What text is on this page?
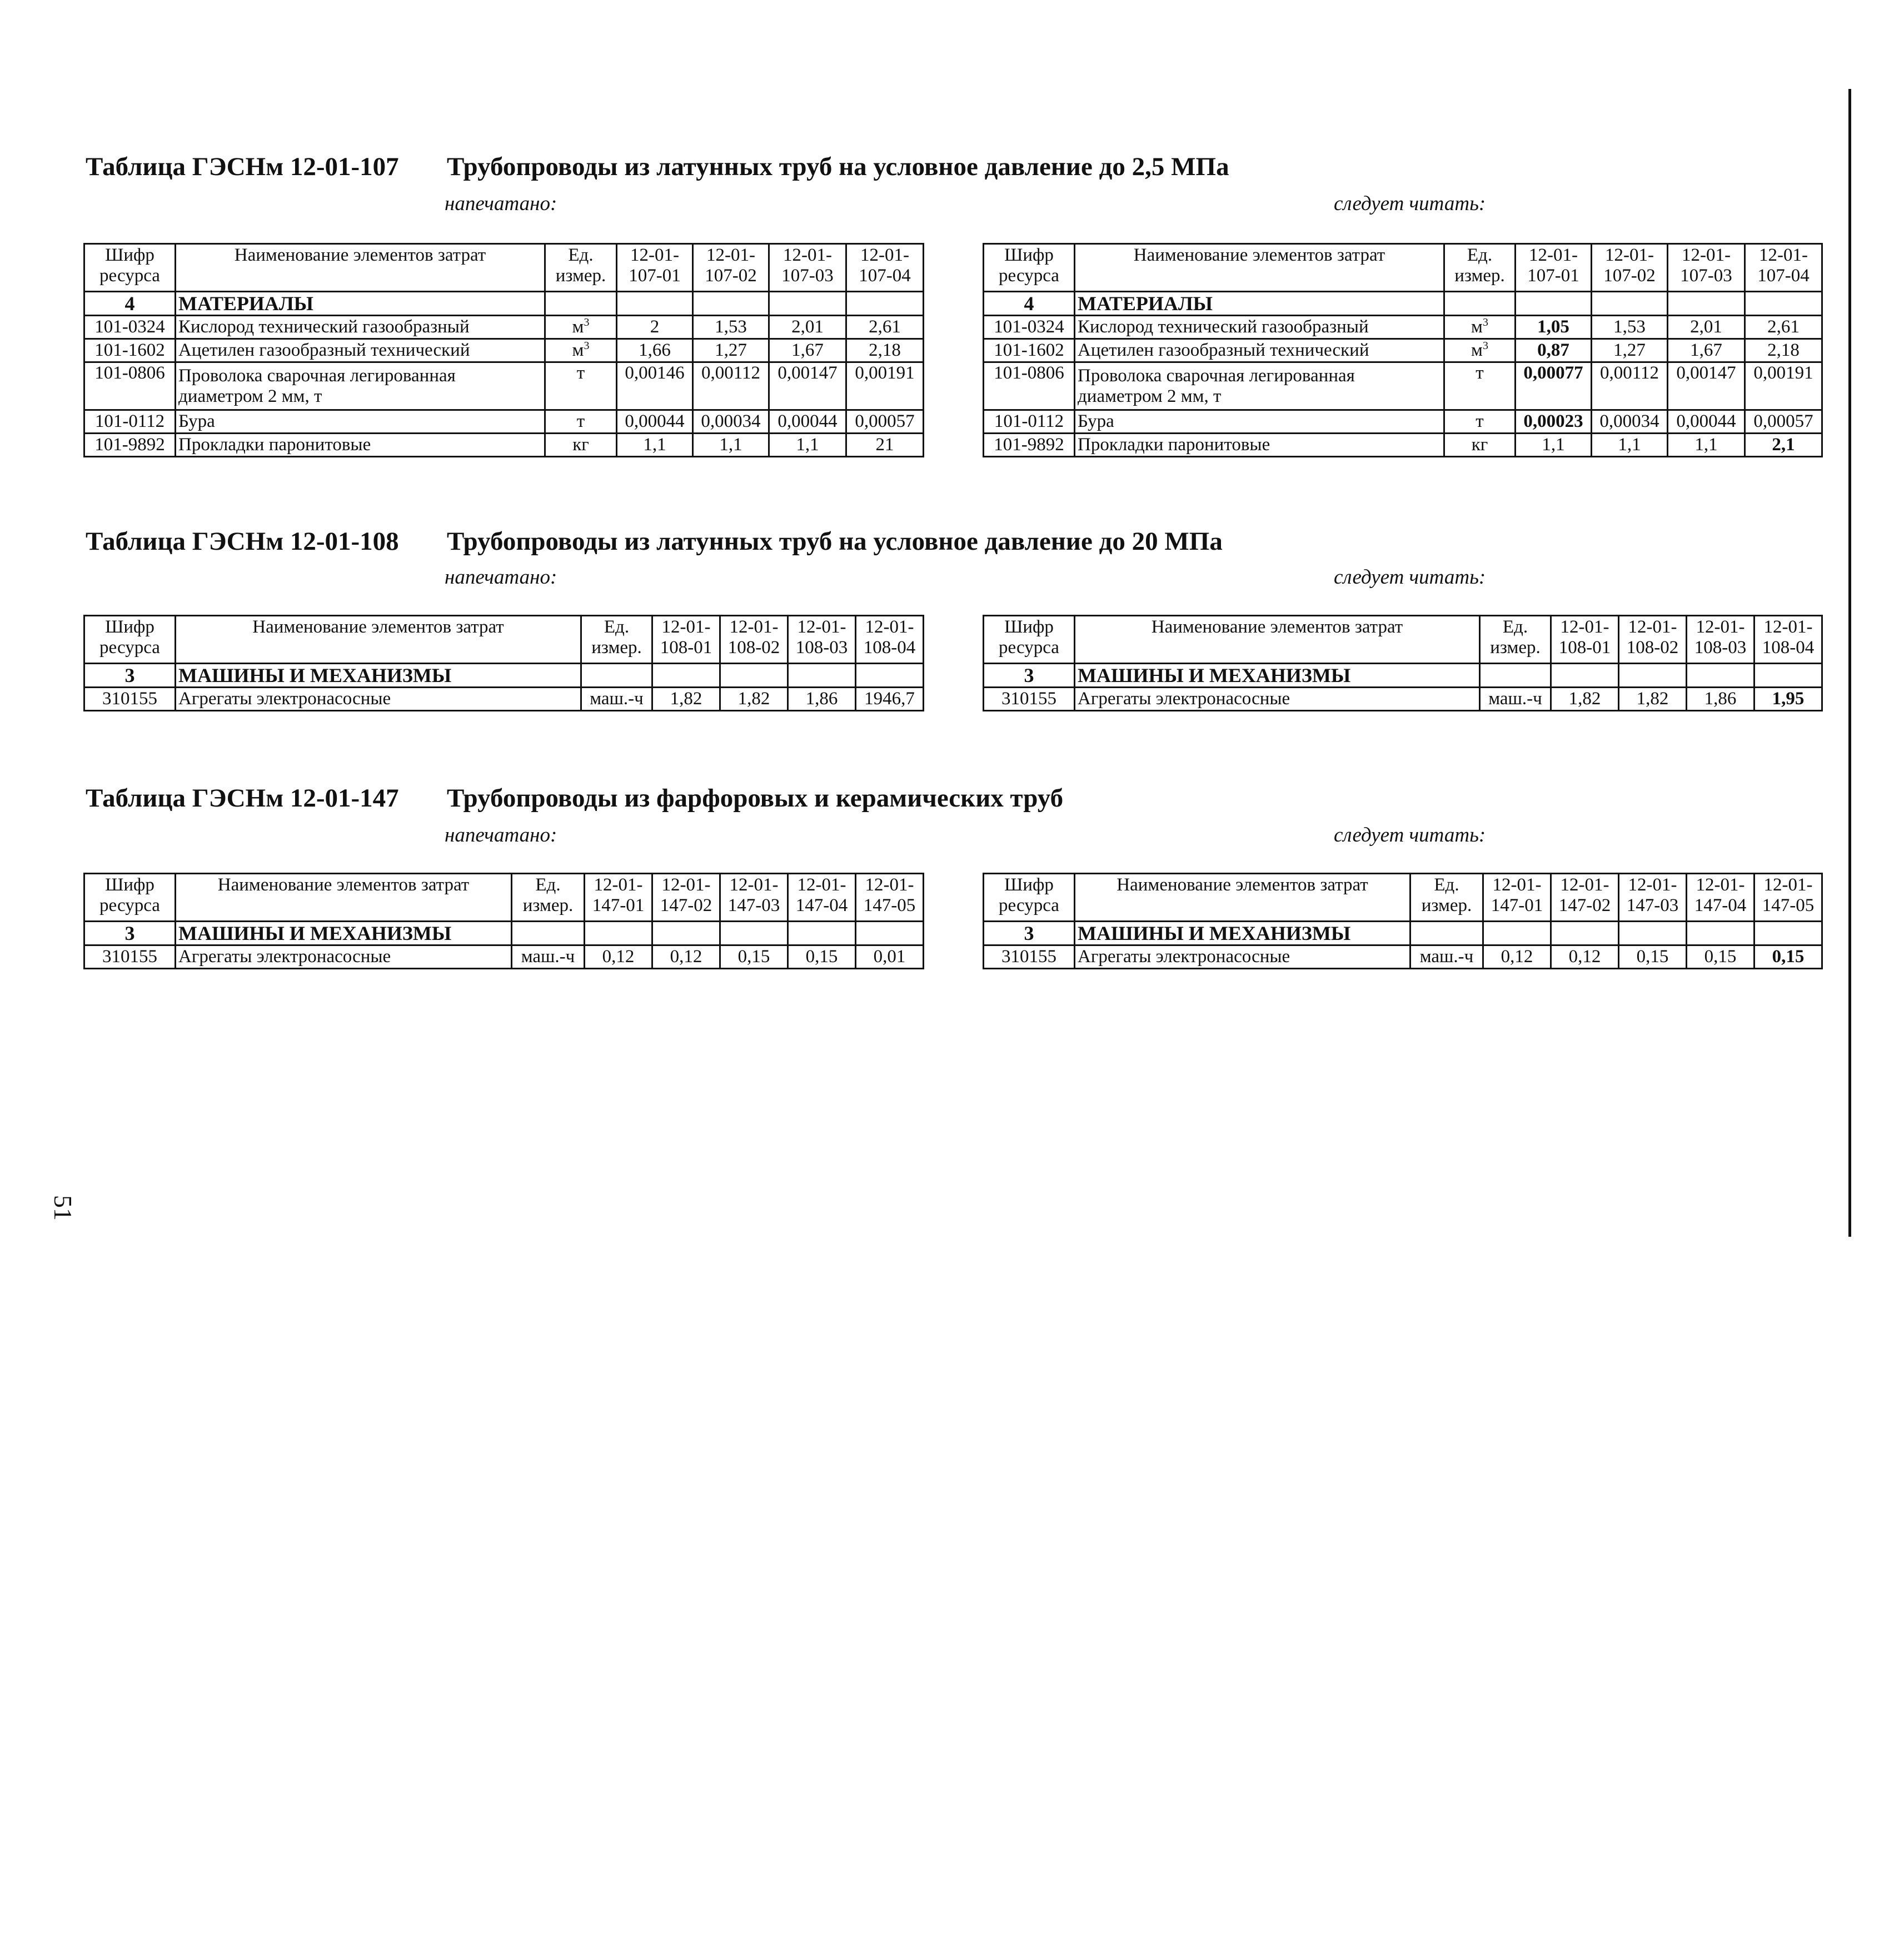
Таблица ГЭСНм 12-01-107 Трубопроводы из латунных труб на условное давление до 2,5 МПа
напечатано:	следует читать:
Шифр ресурса	Наименование элементов затрат	Ед. измер.	12-01-107-01	12-01-107-02	12-01-107-03	12-01-107-04
4	МАТЕРИАЛЫ					
101-0324	Кислород технический газообразный	$м^3$	2	1,53	2,01	2,61
101-1602	Ацетилен газообразный технический	$м^3$	1,66	1,27	1,67	2,18
101-0806	Проволока сварочная легированная диаметром 2 мм, т	т	0,00146	0,00112	0,00147	0,00191
101-0112	Бура	т	0,00044	0,00034	0,00044	0,00057
101-9892	Прокладки паронитовые	кг	1,1	1,1	1,1	21
Шифр ресурса	Наименование элементов затрат	Ед. измер.	12-01-107-01	12-01-107-02	12-01-107-03	12-01-107-04
4	МАТЕРИАЛЫ					
101-0324	Кислород технический газообразный	$м^3$	1,05	1,53	2,01	2,61
101-1602	Ацетилен газообразный технический	$м^3$	0,87	1,27	1,67	2,18
101-0806	Проволока сварочная легированная диаметром 2 мм, т	т	0,00077	0,00112	0,00147	0,00191
101-0112	Бура	т	0,00023	0,00034	0,00044	0,00057
101-9892	Прокладки паронитовые	кг	1,1	1,1	1,1	2,1
Таблица ГЭСНм 12-01-108 Трубопроводы из латунных труб на условное давление до 20 МПа
напечатано:	следует читать:
Шифр ресурса	Наименование элементов затрат	Ед. измер.	12-01-108-01	12-01-108-02	12-01-108-03	12-01-108-04
3	МАШИНЫ И МЕХАНИЗМЫ					
310155	Агрегаты электронасосные	маш.-ч	1,82	1,82	1,86	1946,7
Шифр ресурса	Наименование элементов затрат	Ед. измер.	12-01-108-01	12-01-108-02	12-01-108-03	12-01-108-04
3	МАШИНЫ И МЕХАНИЗМЫ					
310155	Агрегаты электронасосные	маш.-ч	1,82	1,82	1,86	1,95
Таблица ГЭСНм 12-01-147 Трубопроводы из фарфоровых и керамических труб
напечатано:	следует читать:
Шифр ресурса	Наименование элементов затрат	Ед. измер.	12-01-147-01	12-01-147-02	12-01-147-03	12-01-147-04	12-01-147-05
3	МАШИНЫ И МЕХАНИЗМЫ						
310155	Агрегаты электронасосные	маш.-ч	0,12	0,12	0,15	0,15	0,01
Шифр ресурса	Наименование элементов затрат	Ед. измер.	12-01-147-01	12-01-147-02	12-01-147-03	12-01-147-04	12-01-147-05
3	МАШИНЫ И МЕХАНИЗМЫ						
310155	Агрегаты электронасосные	маш.-ч	0,12	0,12	0,15	0,15	0,15
51
